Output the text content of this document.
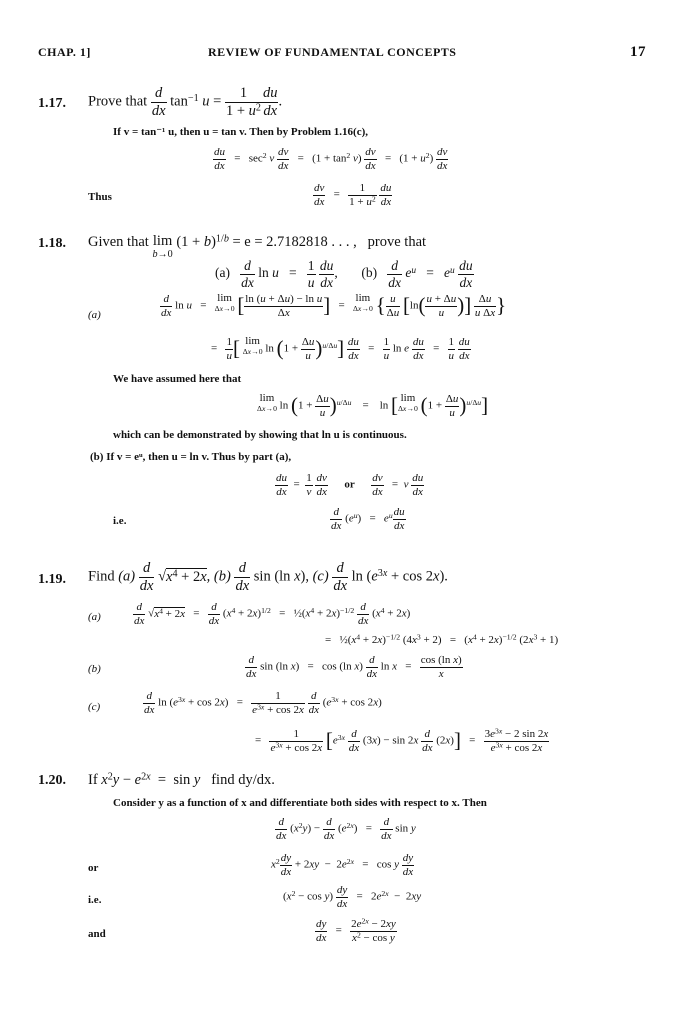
CHAP. 1]	REVIEW OF FUNDAMENTAL CONCEPTS	17
1.17. Prove that $\frac{d}{dx} \tan^{-1} u = \frac{1}{1 + u^2} \frac{du}{dx}$ .
If v = tan⁻¹ u, then u = tan v. Then by Problem 1.16(c),
$\frac{du}{dx} = \sec^2 v \frac{dv}{dx} = (1 + \tan^2 v) \frac{dv}{dx} = (1 + u^2) \frac{dv}{dx}$
Thus	$\frac{dv}{dx} = \frac{1}{1 + u^2}$
$\frac{du}{dx}$
1.18. Given that lim
b→0
$(1 + b)^{1/b} = e = 2.7182818$ . . . , prove that
$(a) \frac{d}{dx}$ $\ln u = \frac{1}{u}$
$\frac{du}{dx}$ ,       $(b) \frac{d}{dx} e^u = e^u \frac{du}{dx}$
(a)	$\frac{d}{dx}$ ln u   =
lim
Δx→0 [ $\frac{\text{ln (u + Δu) − ln u}}{\Delta x}$ ]   =
lim
Δx→0 { $\frac{u}{\Delta u} [\ln( \frac{u + \Delta u}{u}$ )] $\frac{\Delta u}{\text{u Δx}}$ }
= $\frac{1}{u}$ [ lim
Δx→0 $\ln (1 + \frac{\Delta u}{u} )^{u/\Delta u}] \frac{du}{dx} = \frac{1}{u}$ ln e $\frac{du}{dx} = \frac{1}{u}$
$\frac{du}{dx}$
We have assumed here that
lim
Δx→0 $\ln (1 + \frac{\Delta u}{u} )^{u/\Delta u}$    =    ln [ lim
Δx→0 $(1 + \frac{\Delta u}{u} )^{u/\Delta u}$]
which can be demonstrated by showing that ln u is continuous.
(b) If v = eᵘ, then u = ln v. Thus by part (a),
$\frac{du}{dx} = \frac{1}{v}$
$\frac{dv}{dx}$ or $\frac{dv}{dx} = v \frac{du}{dx}$
i.e.	$\frac{d}{dx} (e^u) = e^u \frac{du}{dx}$
1.19. Find $(a) \frac{d}{dx} √x^4 + 2x$, $(b) \frac{d}{dx}$ sin (ln x), $(c) \frac{d}{dx}$ $\ln (e^{3x} + \cos 2x)$.
(a)	$\frac{d}{dx} √x^4 + 2x = \frac{d}{dx} (x^4 + 2x)^{1/2}$   =   $\frac{1}{2}(x^4 + 2x)^{-1/2} \frac{d}{dx} (x^4 + 2x)$
=   $\frac{1}{2}(x^4 + 2x)^{-1/2}$ $(4x^3 + 2) = (x^4 + 2x)^{-1/2}$ $(2x^3 + 1)$
(b)	$\frac{d}{dx}$ sin (ln x)   =   cos (ln $x) \frac{d}{dx}$ $\ln x = \frac{\text{cos (ln x)}}{x}$
(c)	$\frac{d}{dx}$ $\ln (e^{3x} + \cos 2x) = \frac{1}{e^{3x} + \cos 2x}$
$\frac{d}{dx} (e^{3x} + \cos 2x)$
= $\frac{1}{e^{3x} + \cos 2x} [e^{3x} \frac{d}{dx} (3x) - \sin 2x \frac{d}{dx} (2x)] = \frac{3e^{3x} - 2 \sin 2x}{e^{3x} + \cos 2x}$
1.20. If $x^2y - e^{2x} = \sin y$ find dy/dx.
Consider y as a function of x and differentiate both sides with respect to x. Then
$\frac{d}{dx} (x^2y) - \frac{d}{dx} (e^{2x}) = \frac{d}{dx}$ sin y
or	$x^2 \frac{dy}{dx} + 2xy - 2e^{2x} = \cos y \frac{dy}{dx}$
i.e.	$(x^2 - \cos y) \frac{dy}{dx} = 2e^{2x} - 2xy$
and	$\frac{dy}{dx} = \frac{2e^{2x} - 2xy}{x^2 - \cos y}$
